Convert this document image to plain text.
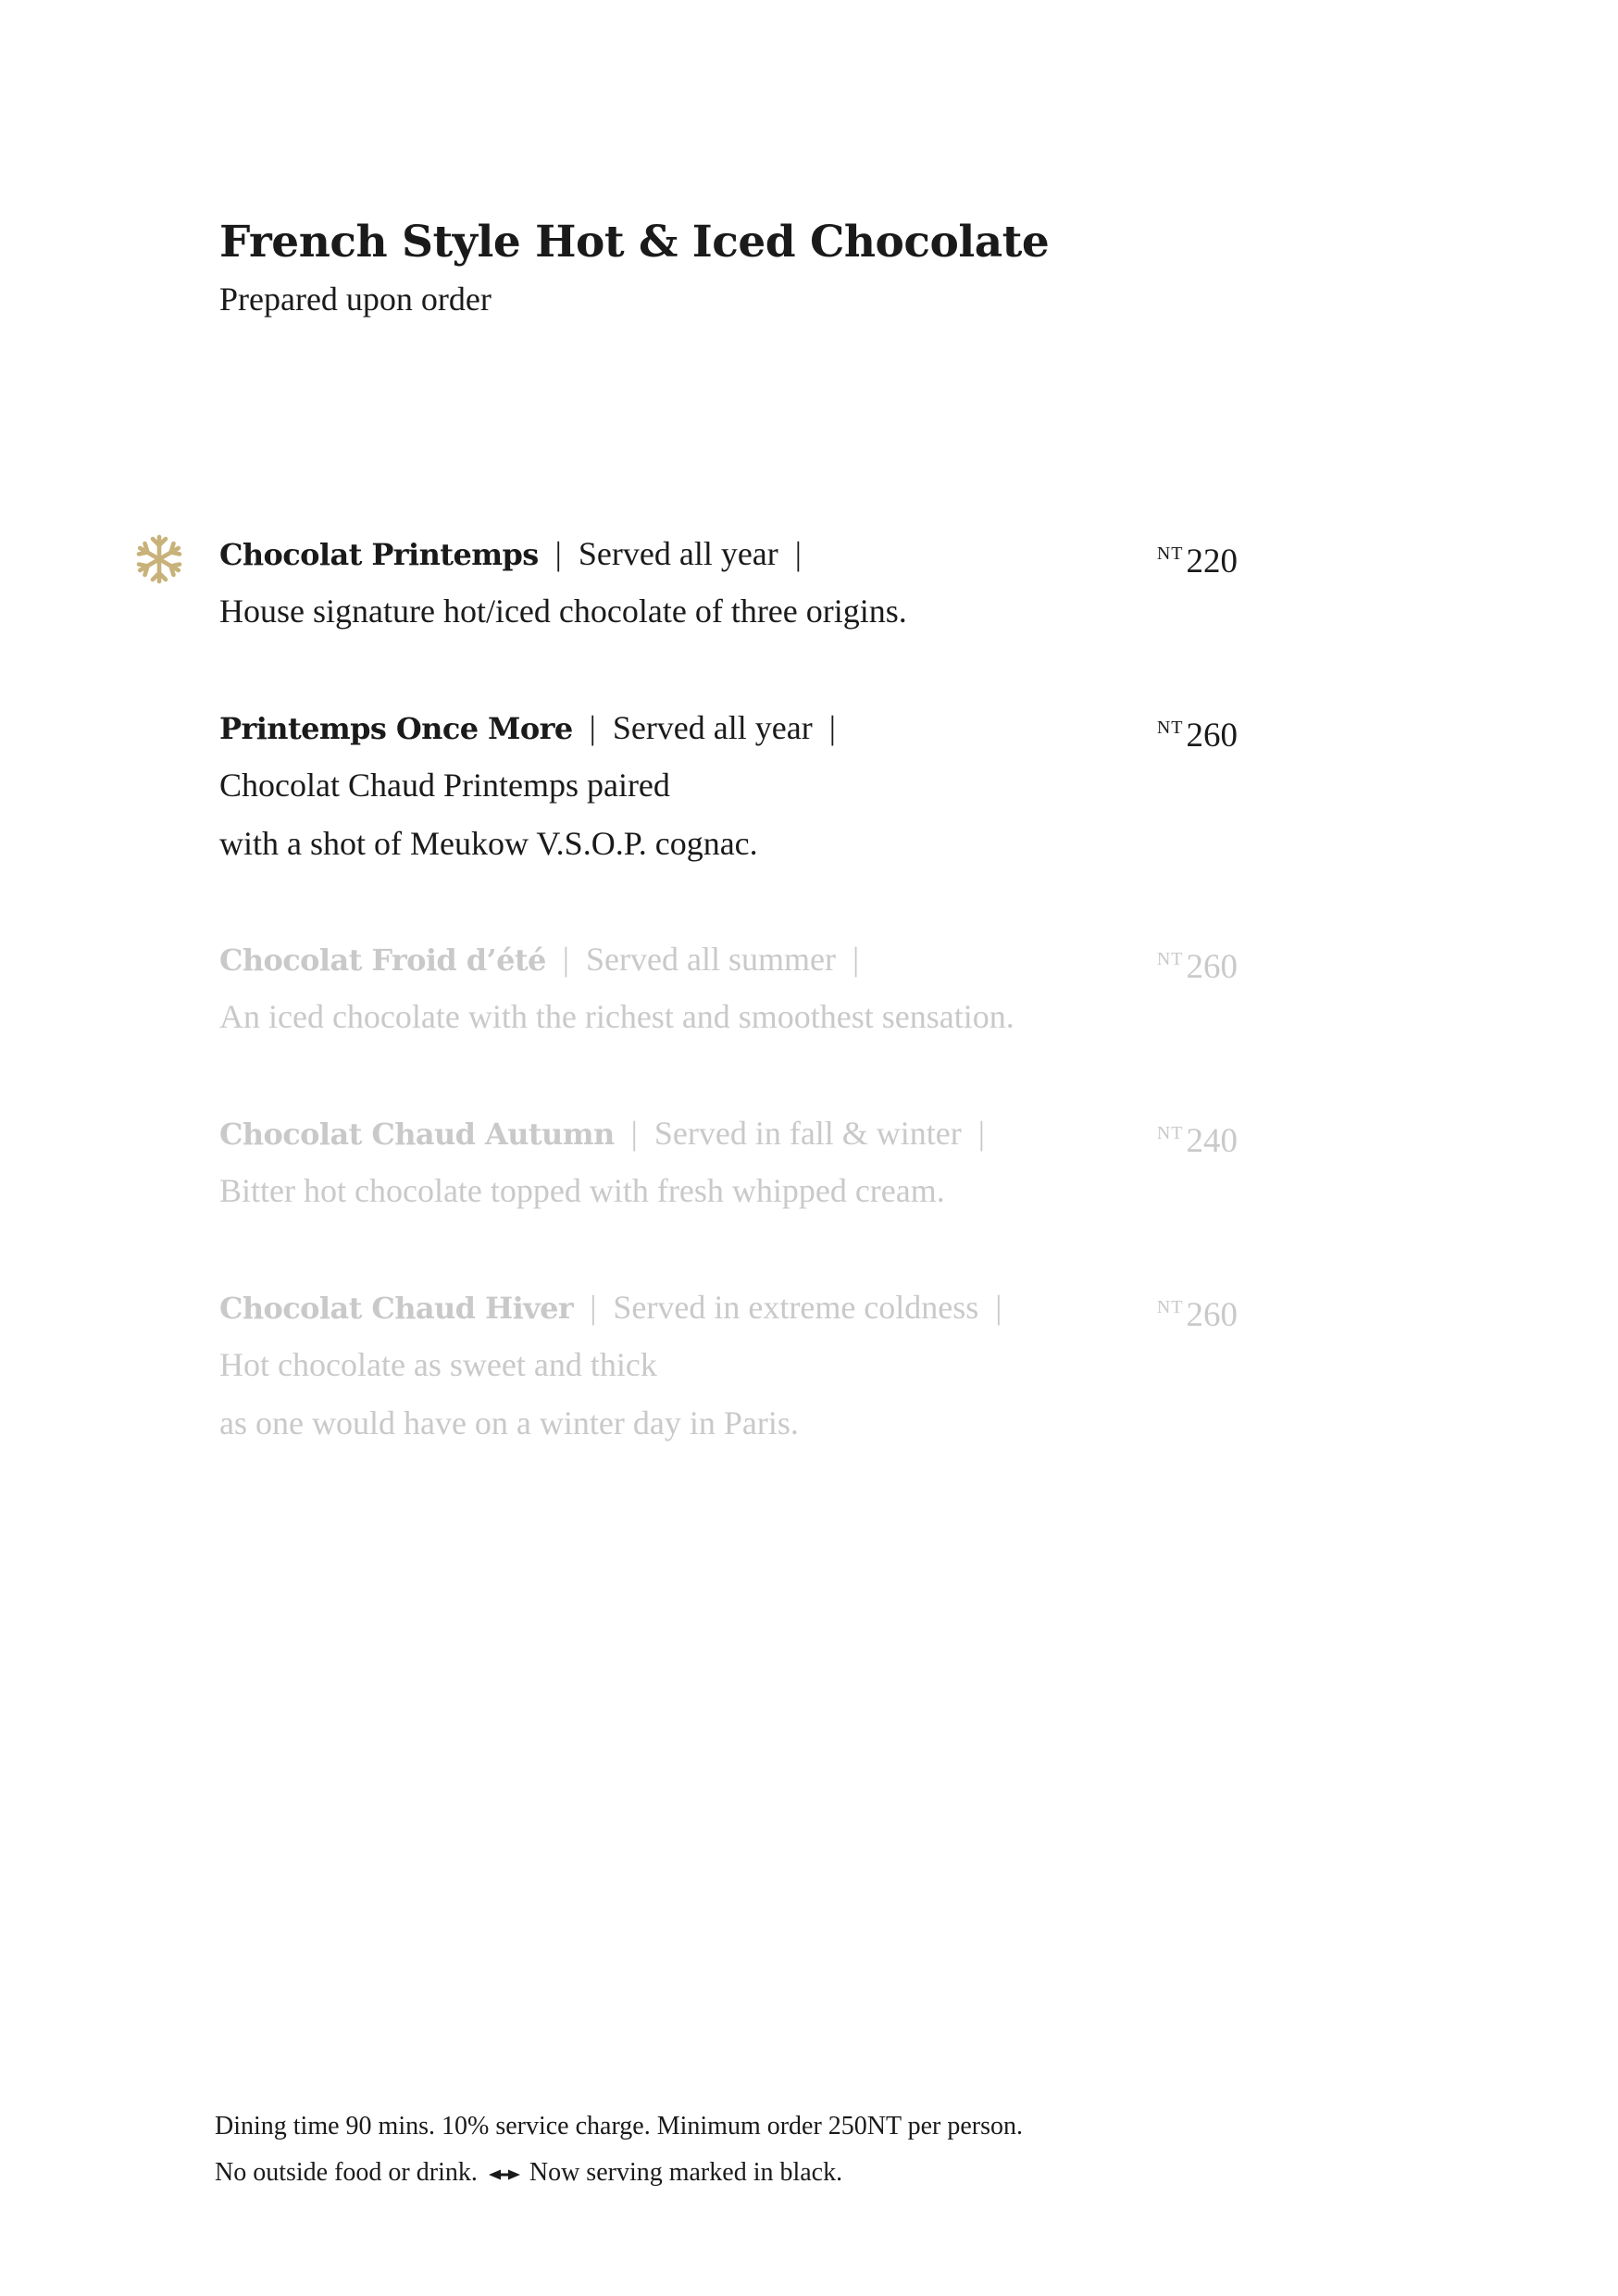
French Style Hot & Iced Chocolate

Prepared upon order

Chocolat Printemps | Served all year |	$^{NT}$220

House signature hot/iced chocolate of three origins.

Printemps Once More | Served all year |	$^{NT}$260

Chocolat Chaud Printemps paired

with a shot of Meukow V.S.O.P. cognac.

Chocolat Froid d’été | Served all summer |	$^{NT}$260

An iced chocolate with the richest and smoothest sensation.

Chocolat Chaud Autumn | Served in fall & winter |	$^{NT}$240

Bitter hot chocolate topped with fresh whipped cream.

Chocolat Chaud Hiver | Served in extreme coldness |	$^{NT}$260

Hot chocolate as sweet and thick

as one would have on a winter day in Paris.

Dining time 90 mins. 10% service charge. Minimum order 250NT per person.

No outside food or drink. Now serving marked in black.
